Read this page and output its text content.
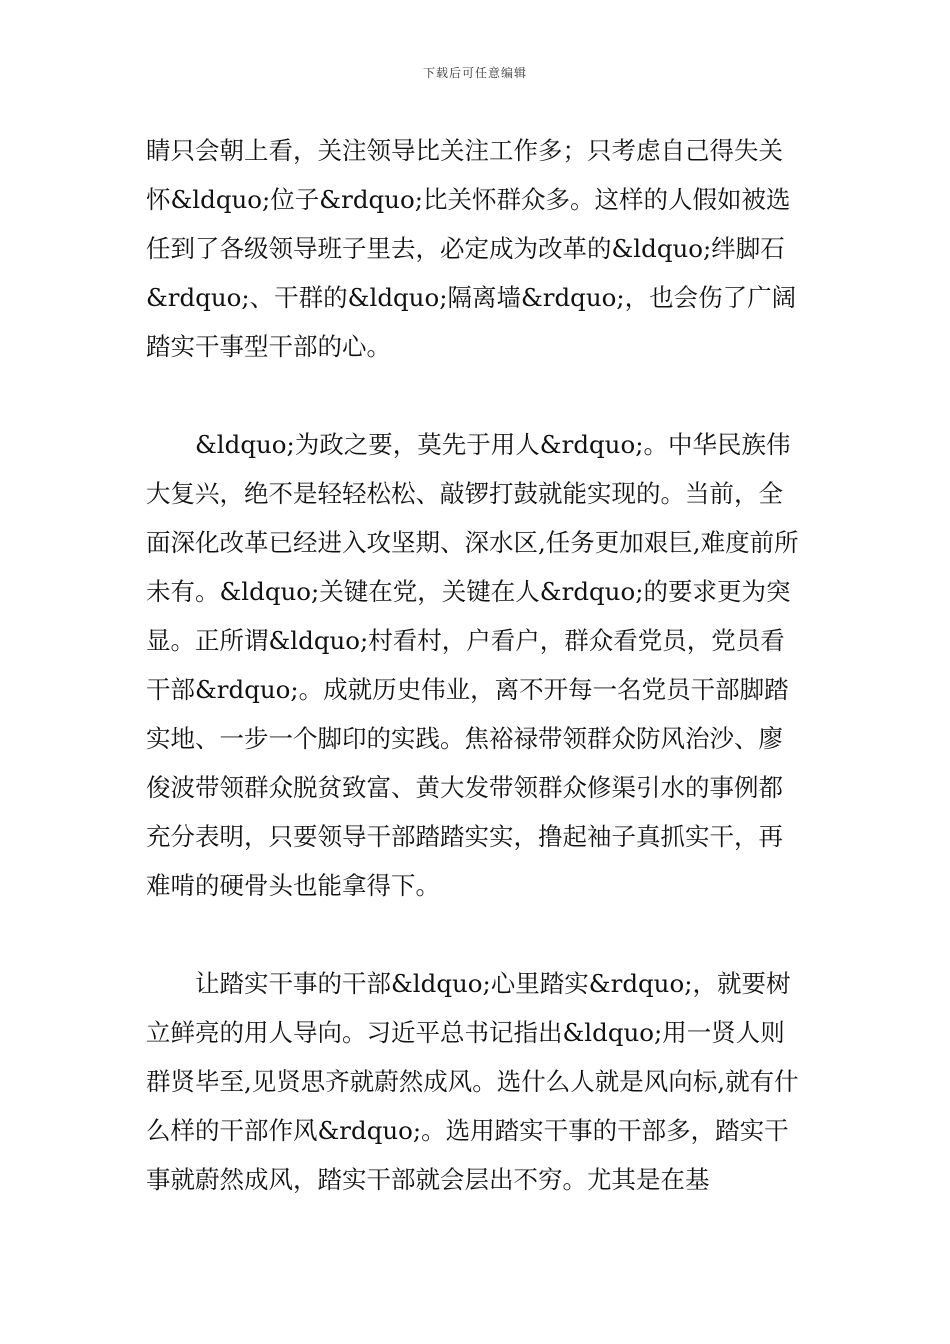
下载后可任意编辑

睛只会朝上看，关注领导比关注工作多；只考虑自己得失关怀&ldquo;位子&rdquo;比关怀群众多。这样的人假如被选任到了各级领导班子里去，必定成为改革的&ldquo;绊脚石&rdquo;、干群的&ldquo;隔离墙&rdquo;，也会伤了广阔踏实干事型干部的心。

&ldquo;为政之要，莫先于用人&rdquo;。中华民族伟大复兴，绝不是轻轻松松、敲锣打鼓就能实现的。当前，全面深化改革已经进入攻坚期、深水区,任务更加艰巨,难度前所未有。&ldquo;关键在党，关键在人&rdquo;的要求更为突显。正所谓&ldquo;村看村，户看户，群众看党员，党员看干部&rdquo;。成就历史伟业，离不开每一名党员干部脚踏实地、一步一个脚印的实践。焦裕禄带领群众防风治沙、廖俊波带领群众脱贫致富、黄大发带领群众修渠引水的事例都充分表明，只要领导干部踏踏实实，撸起袖子真抓实干，再难啃的硬骨头也能拿得下。

让踏实干事的干部&ldquo;心里踏实&rdquo;，就要树立鲜亮的用人导向。习近平总书记指出&ldquo;用一贤人则群贤毕至,见贤思齐就蔚然成风。选什么人就是风向标,就有什么样的干部作风&rdquo;。选用踏实干事的干部多，踏实干事就蔚然成风，踏实干部就会层出不穷。尤其是在基
